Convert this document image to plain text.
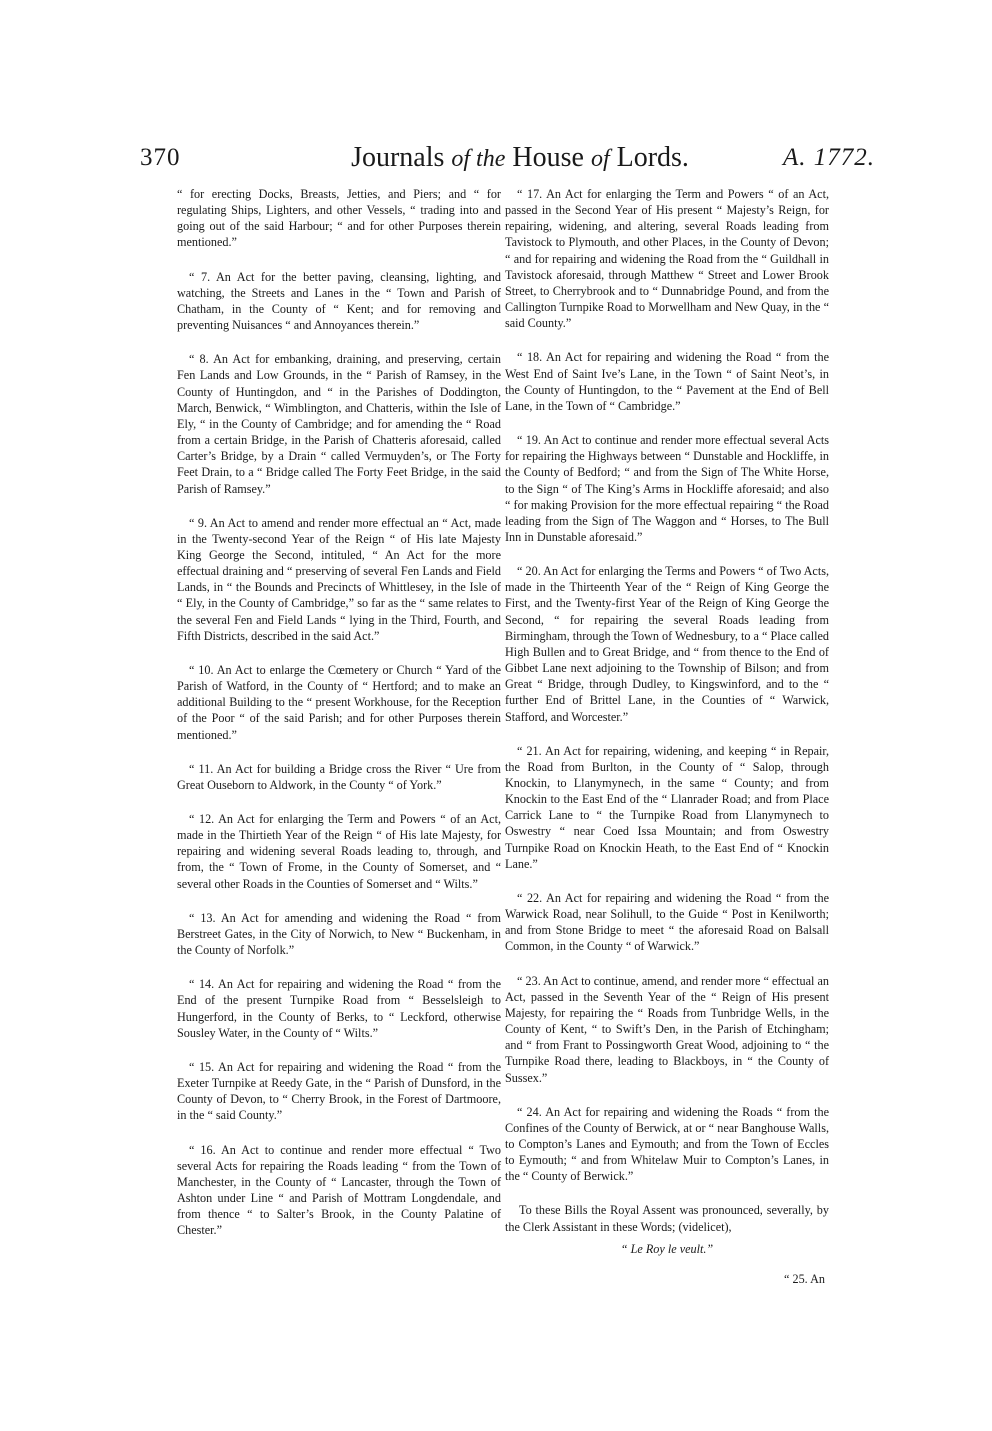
370	Journals of the House of Lords.	A. 1772.

“ for erecting Docks, Breasts, Jetties, and Piers; and “ for regulating Ships, Lighters, and other Vessels, “ trading into and going out of the said Harbour; “ and for other Purposes therein mentioned.”

“ 7. An Act for the better paving, cleansing, lighting, and watching, the Streets and Lanes in the “ Town and Parish of Chatham, in the County of “ Kent; and for removing and preventing Nuisances “ and Annoyances therein.”

“ 8. An Act for embanking, draining, and preserving, certain Fen Lands and Low Grounds, in the “ Parish of Ramsey, in the County of Huntingdon, and “ in the Parishes of Doddington, March, Benwick, “ Wimblington, and Chatteris, within the Isle of Ely, “ in the County of Cambridge; and for amending the “ Road from a certain Bridge, in the Parish of Chatteris aforesaid, called Carter’s Bridge, by a Drain “ called Vermuyden’s, or The Forty Feet Drain, to a “ Bridge called The Forty Feet Bridge, in the said Parish of Ramsey.”

“ 9. An Act to amend and render more effectual an “ Act, made in the Twenty-second Year of the Reign “ of His late Majesty King George the Second, intituled, “ An Act for the more effectual draining and “ preserving of several Fen Lands and Field Lands, in “ the Bounds and Precincts of Whittlesey, in the Isle of “ Ely, in the County of Cambridge,” so far as the “ same relates to the several Fen and Field Lands “ lying in the Third, Fourth, and Fifth Districts, described in the said Act.”

“ 10. An Act to enlarge the Cœmetery or Church “ Yard of the Parish of Watford, in the County of “ Hertford; and to make an additional Building to the “ present Workhouse, for the Reception of the Poor “ of the said Parish; and for other Purposes therein mentioned.”

“ 11. An Act for building a Bridge cross the River “ Ure from Great Ouseborn to Aldwork, in the County “ of York.”

“ 12. An Act for enlarging the Term and Powers “ of an Act, made in the Thirtieth Year of the Reign “ of His late Majesty, for repairing and widening several Roads leading to, through, and from, the “ Town of Frome, in the County of Somerset, and “ several other Roads in the Counties of Somerset and “ Wilts.”

“ 13. An Act for amending and widening the Road “ from Berstreet Gates, in the City of Norwich, to New “ Buckenham, in the County of Norfolk.”

“ 14. An Act for repairing and widening the Road “ from the End of the present Turnpike Road from “ Besselsleigh to Hungerford, in the County of Berks, to “ Leckford, otherwise Sousley Water, in the County of “ Wilts.”

“ 15. An Act for repairing and widening the Road “ from the Exeter Turnpike at Reedy Gate, in the “ Parish of Dunsford, in the County of Devon, to “ Cherry Brook, in the Forest of Dartmoore, in the “ said County.”

“ 16. An Act to continue and render more effectual “ Two several Acts for repairing the Roads leading “ from the Town of Manchester, in the County of “ Lancaster, through the Town of Ashton under Line “ and Parish of Mottram Longdendale, and from thence “ to Salter’s Brook, in the County Palatine of Chester.”

“ 17. An Act for enlarging the Term and Powers “ of an Act, passed in the Second Year of His present “ Majesty’s Reign, for repairing, widening, and altering, several Roads leading from Tavistock to Plymouth, and other Places, in the County of Devon; “ and for repairing and widening the Road from the “ Guildhall in Tavistock aforesaid, through Matthew “ Street and Lower Brook Street, to Cherrybrook and to “ Dunnabridge Pound, and from the Callington Turnpike Road to Morwellham and New Quay, in the “ said County.”

“ 18. An Act for repairing and widening the Road “ from the West End of Saint Ive’s Lane, in the Town “ of Saint Neot’s, in the County of Huntingdon, to the “ Pavement at the End of Bell Lane, in the Town of “ Cambridge.”

“ 19. An Act to continue and render more effectual several Acts for repairing the Highways between “ Dunstable and Hockliffe, in the County of Bedford; “ and from the Sign of The White Horse, to the Sign “ of The King’s Arms in Hockliffe aforesaid; and also “ for making Provision for the more effectual repairing “ the Road leading from the Sign of The Waggon and “ Horses, to The Bull Inn in Dunstable aforesaid.”

“ 20. An Act for enlarging the Terms and Powers “ of Two Acts, made in the Thirteenth Year of the “ Reign of King George the First, and the Twenty-first Year of the Reign of King George the Second, “ for repairing the several Roads leading from Birmingham, through the Town of Wednesbury, to a “ Place called High Bullen and to Great Bridge, and “ from thence to the End of Gibbet Lane next adjoining to the Township of Bilson; and from Great “ Bridge, through Dudley, to Kingswinford, and to the “ further End of Brittel Lane, in the Counties of “ Warwick, Stafford, and Worcester.”

“ 21. An Act for repairing, widening, and keeping “ in Repair, the Road from Burlton, in the County of “ Salop, through Knockin, to Llanymynech, in the same “ County; and from Knockin to the East End of the “ Llanrader Road; and from Place Carrick Lane to “ the Turnpike Road from Llanymynech to Oswestry “ near Coed Issa Mountain; and from Oswestry Turnpike Road on Knockin Heath, to the East End of “ Knockin Lane.”

“ 22. An Act for repairing and widening the Road “ from the Warwick Road, near Solihull, to the Guide “ Post in Kenilworth; and from Stone Bridge to meet “ the aforesaid Road on Balsall Common, in the County “ of Warwick.”

“ 23. An Act to continue, amend, and render more “ effectual an Act, passed in the Seventh Year of the “ Reign of His present Majesty, for repairing the “ Roads from Tunbridge Wells, in the County of Kent, “ to Swift’s Den, in the Parish of Etchingham; and “ from Frant to Possingworth Great Wood, adjoining to “ the Turnpike Road there, leading to Blackboys, in “ the County of Sussex.”

“ 24. An Act for repairing and widening the Roads “ from the Confines of the County of Berwick, at or “ near Banghouse Walls, to Compton’s Lanes and Eymouth; and from the Town of Eccles to Eymouth; “ and from Whitelaw Muir to Compton’s Lanes, in the “ County of Berwick.”

To these Bills the Royal Assent was pronounced, severally, by the Clerk Assistant in these Words; (videlicet),

“ Le Roy le veult.”

“ 25. An
